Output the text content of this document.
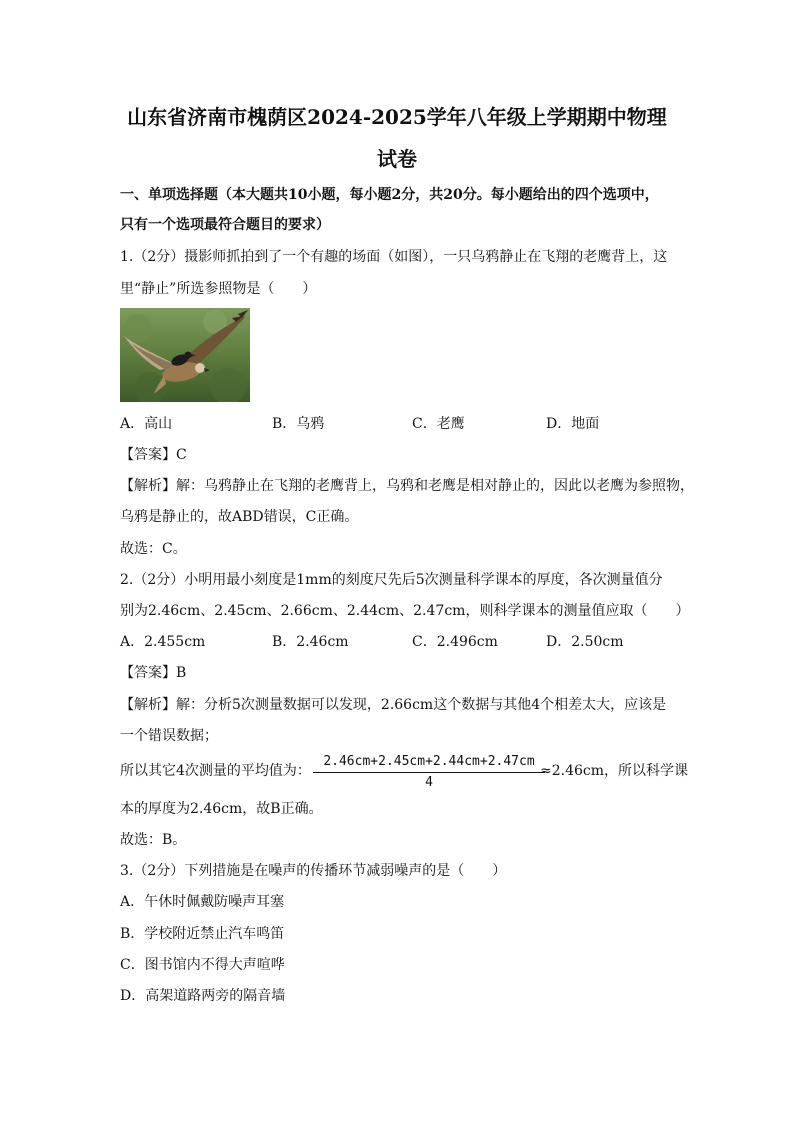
山东省济南市槐荫区2024-2025学年八年级上学期期中物理
试卷
一、单项选择题（本大题共10小题，每小题2分，共20分。每小题给出的四个选项中，
只有一个选项最符合题目的要求）
1.（2分）摄影师抓拍到了一个有趣的场面（如图），一只乌鸦静止在飞翔的老鹰背上，这
里“静止”所选参照物是（　　）
A．高山	B．乌鸦	C．老鹰	D．地面
【答案】C
【解析】解：乌鸦静止在飞翔的老鹰背上，乌鸦和老鹰是相对静止的，因此以老鹰为参照物，
乌鸦是静止的，故ABD错误，C正确。
故选：C。
2.（2分）小明用最小刻度是1mm的刻度尺先后5次测量科学课本的厚度，各次测量值分
别为2.46cm、2.45cm、2.66cm、2.44cm、2.47cm，则科学课本的测量值应取（　　）
A．2.455cm	B．2.46cm	C．2.496cm	D．2.50cm
【答案】B
【解析】解：分析5次测量数据可以发现，2.66cm这个数据与其他4个相差太大，应该是
一个错误数据；
所以其它4次测量的平均值为：
2.46cm+2.45cm+2.44cm+2.47cm
4
≈2.46cm，所以科学课
本的厚度为2.46cm，故B正确。
故选：B。
3.（2分）下列措施是在噪声的传播环节减弱噪声的是（　　）
A．午休时佩戴防噪声耳塞
B．学校附近禁止汽车鸣笛
C．图书馆内不得大声喧哗
D．高架道路两旁的隔音墙
